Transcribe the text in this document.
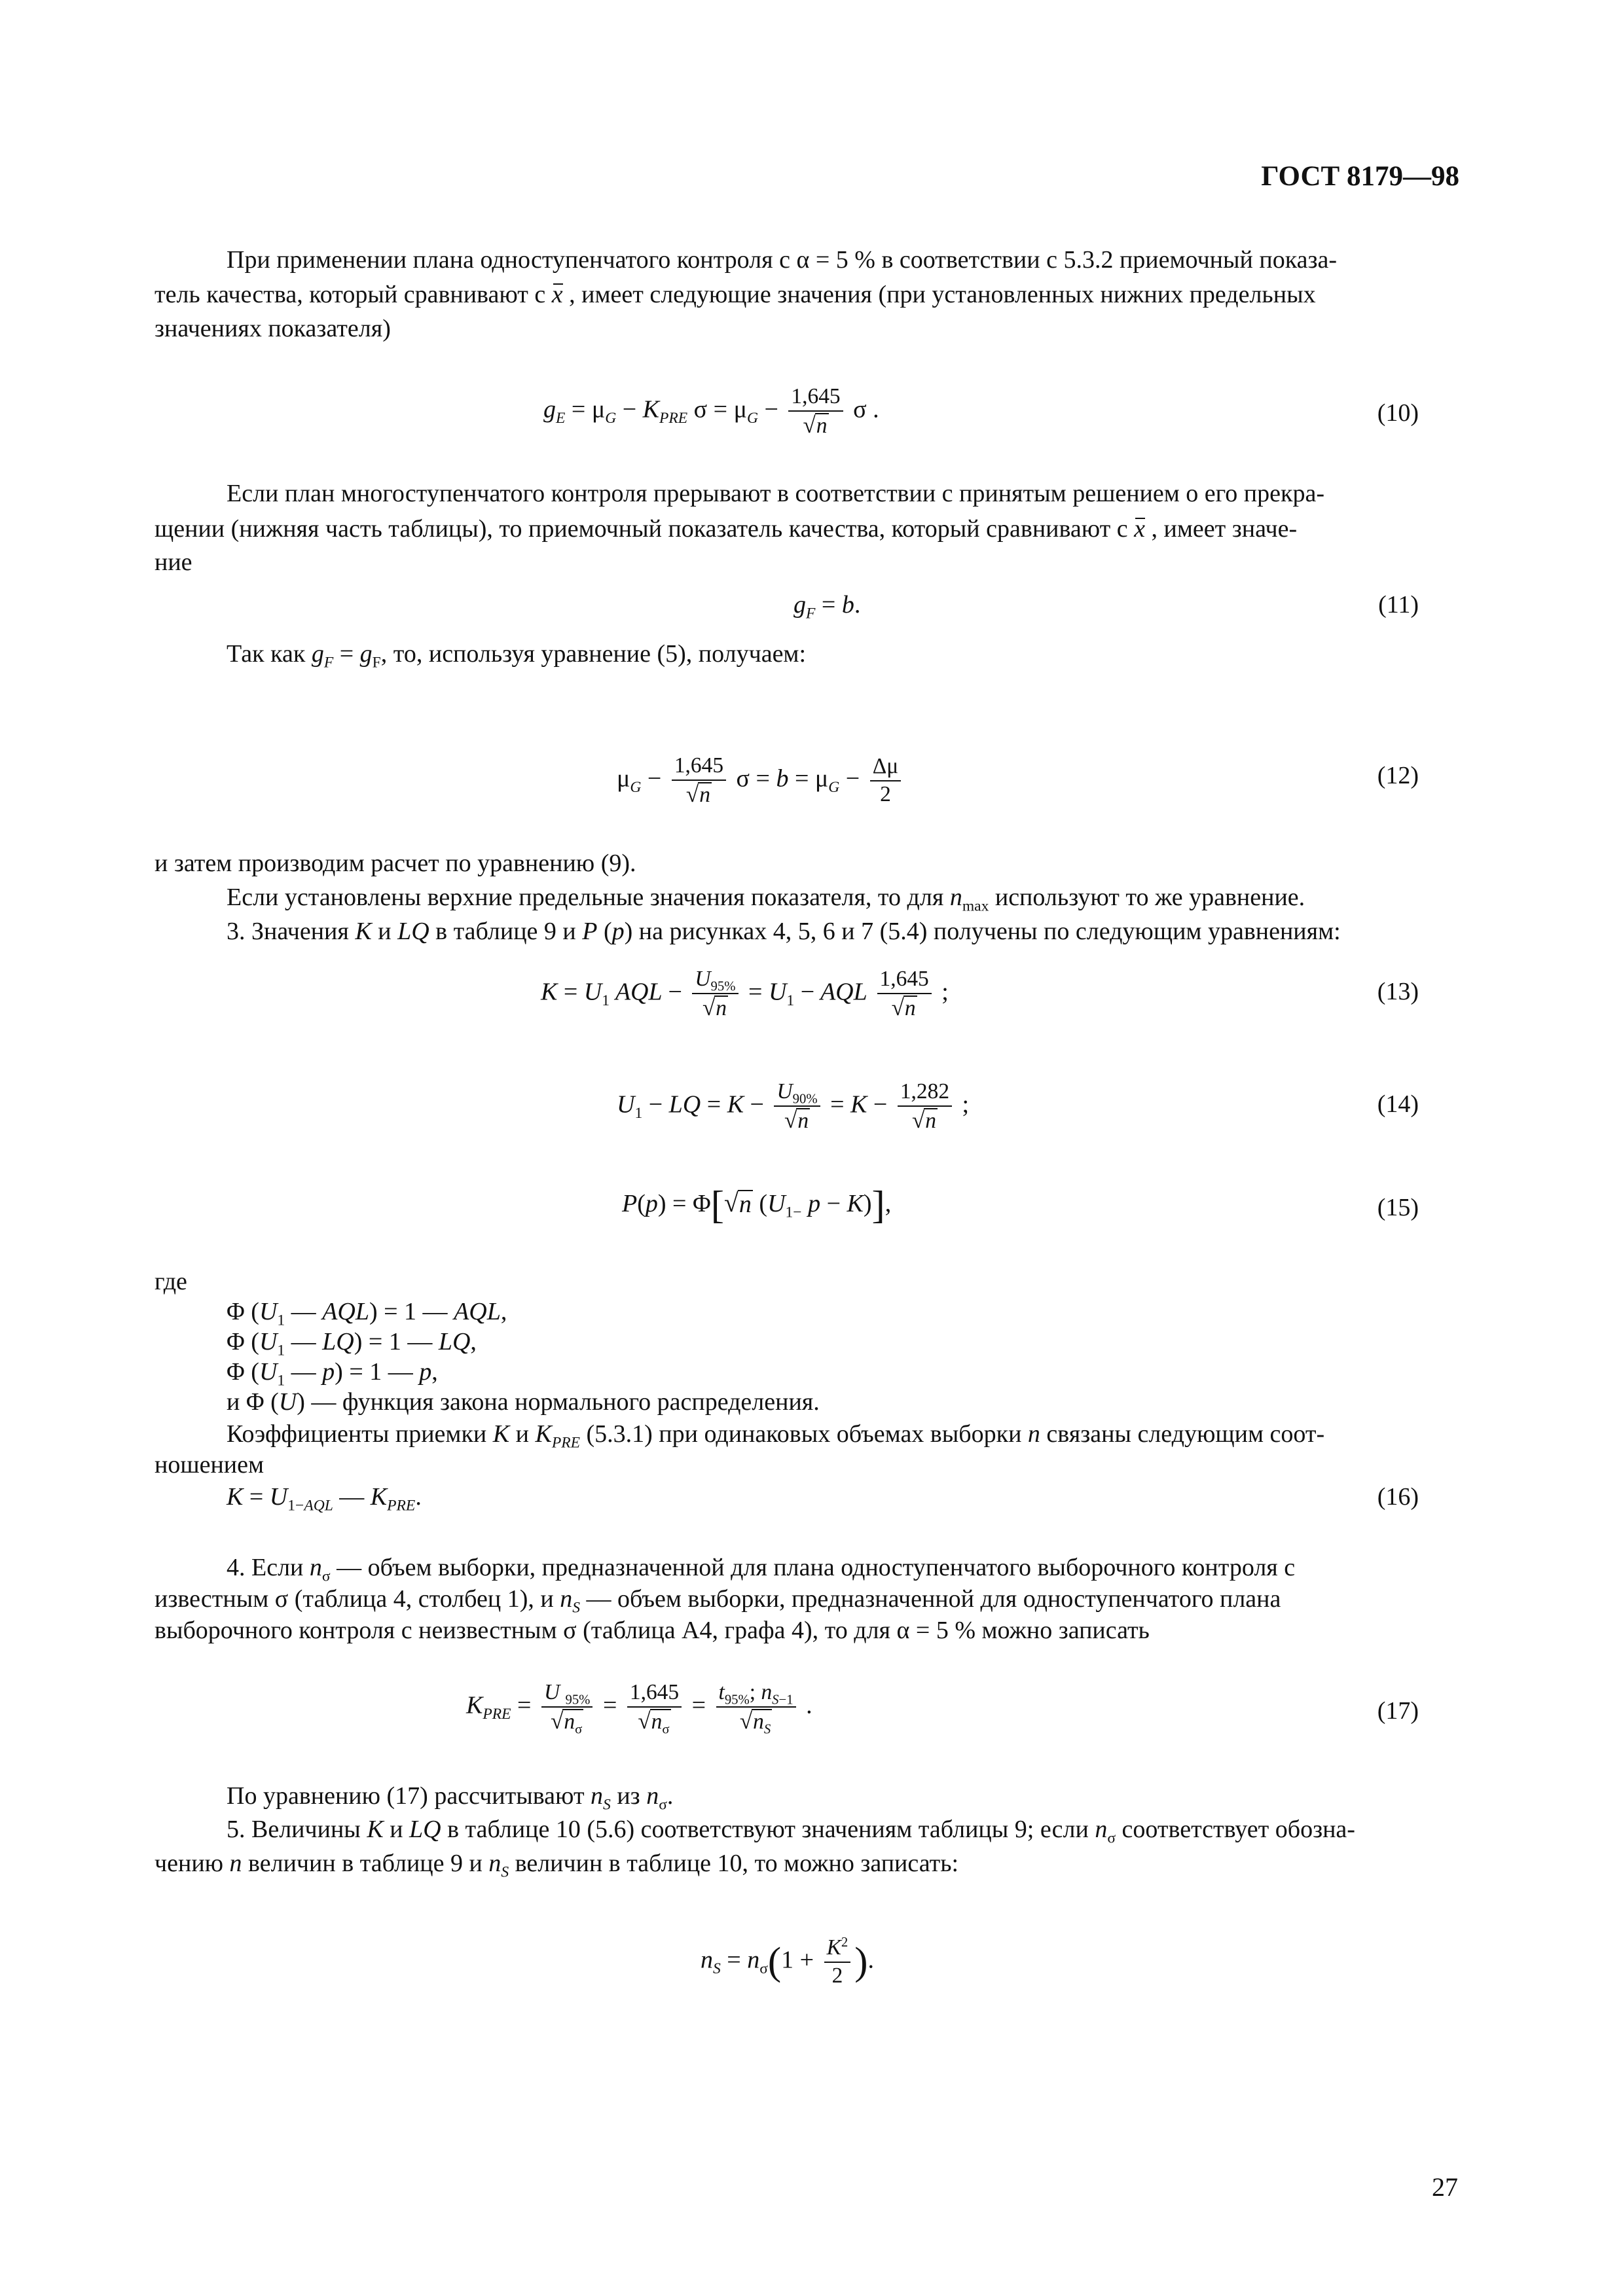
ГОСТ 8179—98
При применении плана одноступенчатого контроля с α = 5 % в соответствии с 5.3.2 приемочный показа-
тель качества, который сравнивают с x , имеет следующие значения (при установленных нижних предельных
значениях показателя)
$g_E = \mu_G - K_{PRE}$ $\sigma = \mu_G - \frac{1,645}{√ n}$ σ .	(10)
Если план многоступенчатого контроля прерывают в соответствии с принятым решением о его прекра-
щении (нижняя часть таблицы), то приемочный показатель качества, который сравнивают с x , имеет значе-
ние
$g_F = b$.	(11)
Так как $g_F = g_F$, то, используя уравнение (5), получаем:
$\mu_G - \frac{1,645}{√ n}$ $\sigma = b = \mu_G - \frac{\Delta\mu}{2}$	(12)
и затем производим расчет по уравнению (9).
Если установлены верхние предельные значения показателя, то для $n_{max}$ используют то же уравнение.
3. Значения K и LQ в таблице 9 и P (p) на рисунках 4, 5, 6 и 7 (5.4) получены по следующим уравнениям:
$K = U_1$ AQL − $\frac{U_{95\%}}{√ n} = U_1$ − AQL $\frac{1,645}{√ n}$ ;	(13)
$U_1$ − LQ = $K - \frac{U_{90\%}}{√ n} = K - \frac{1,282}{√ n}$ ;	(14)
P(p) = Φ[ √ n ($U_{1-}$ p − K)],	(15)
где
Φ ($U_1$ — AQL) = 1 — AQL,
Φ ($U_1$ — LQ) = 1 — LQ,
Φ ($U_1$ — p) = 1 — p,
и Φ (U) — функция закона нормального распределения.
Коэффициенты приемки K и $K_{PRE}$ (5.3.1) при одинаковых объемах выборки n связаны следующим соот-
ношением
$K = U_{1-AQL}$ — $K_{PRE}$.	(16)
4. Если $n_\sigma$ — объем выборки, предназначенной для плана одноступенчатого выборочного контроля с
известным σ (таблица 4, столбец 1), и $n_S$ — объем выборки, предназначенной для одноступенчатого плана
выборочного контроля с неизвестным σ (таблица А4, графа 4), то для α = 5 % можно записать
$K_{PRE} = \frac{U _{95\%}}{√ n_\sigma} = \frac{1,645}{√ n_\sigma} = \frac{t_{95\%}; n_{S-1}}{√ n_S}$ .	(17)
По уравнению (17) рассчитывают $n_S$ из $n_\sigma$.
5. Величины K и LQ в таблице 10 (5.6) соответствуют значениям таблицы 9; если $n_\sigma$ соответствует обозна-
чению n величин в таблице 9 и $n_S$ величин в таблице 10, то можно записать:
$n_S = n_\sigma(1 + \frac{K^2}{2}$ ).
27
